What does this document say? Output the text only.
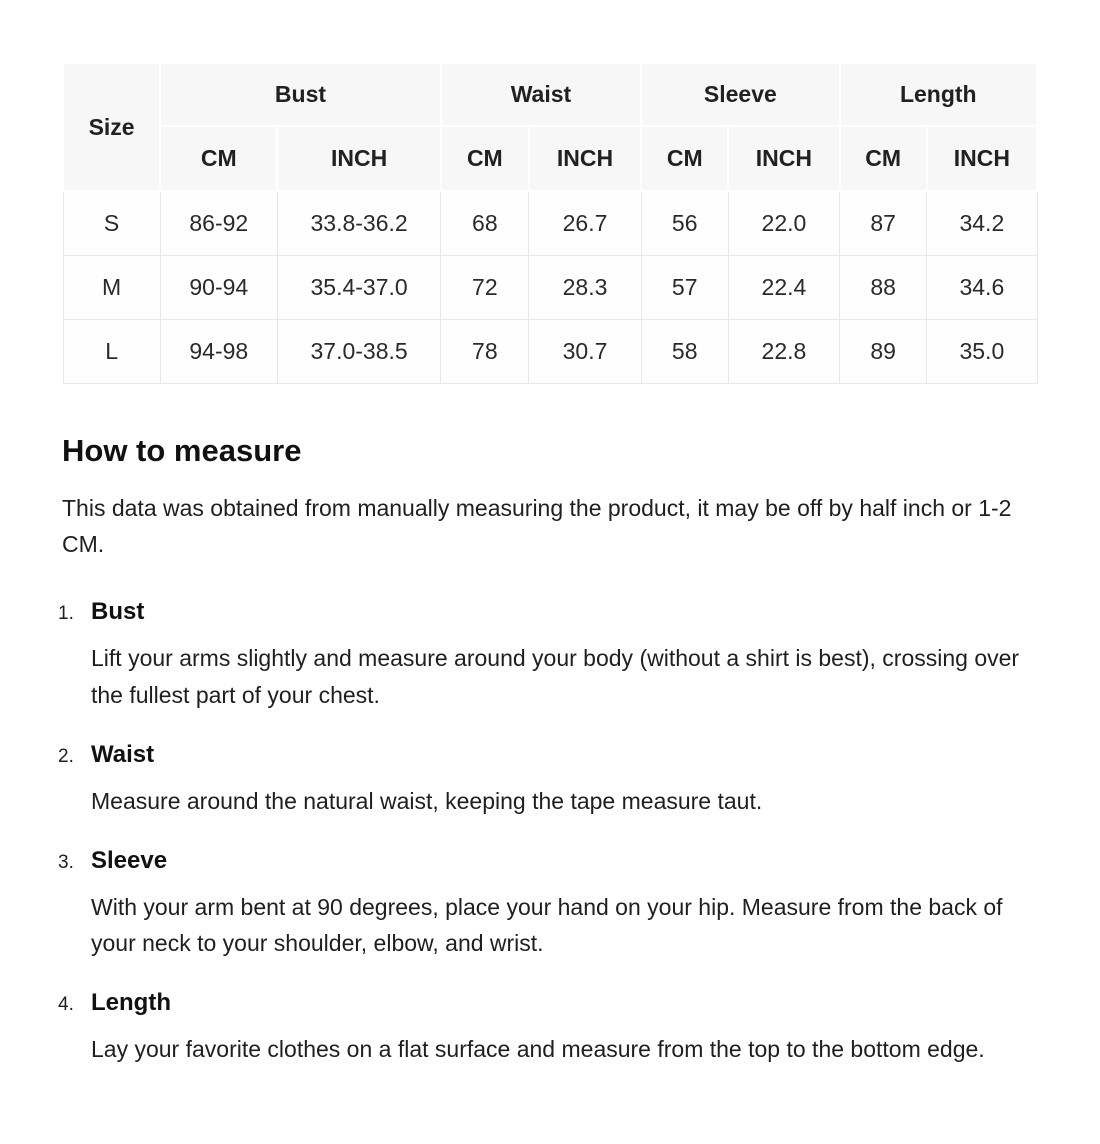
Size	Bust		Waist		Sleeve		Length	
	CM	INCH	CM	INCH	CM	INCH	CM	INCH
S	86-92	33.8-36.2	68	26.7	56	22.0	87	34.2
M	90-94	35.4-37.0	72	28.3	57	22.4	88	34.6
L	94-98	37.0-38.5	78	30.7	58	22.8	89	35.0
How to measure

This data was obtained from manually measuring the product, it may be off by half inch or 1-2 CM.

1. Bust

Lift your arms slightly and measure around your body (without a shirt is best), crossing over the fullest part of your chest.

2. Waist

Measure around the natural waist, keeping the tape measure taut.

3. Sleeve

With your arm bent at 90 degrees, place your hand on your hip. Measure from the back of your neck to your shoulder, elbow, and wrist.

4. Length

Lay your favorite clothes on a flat surface and measure from the top to the bottom edge.
